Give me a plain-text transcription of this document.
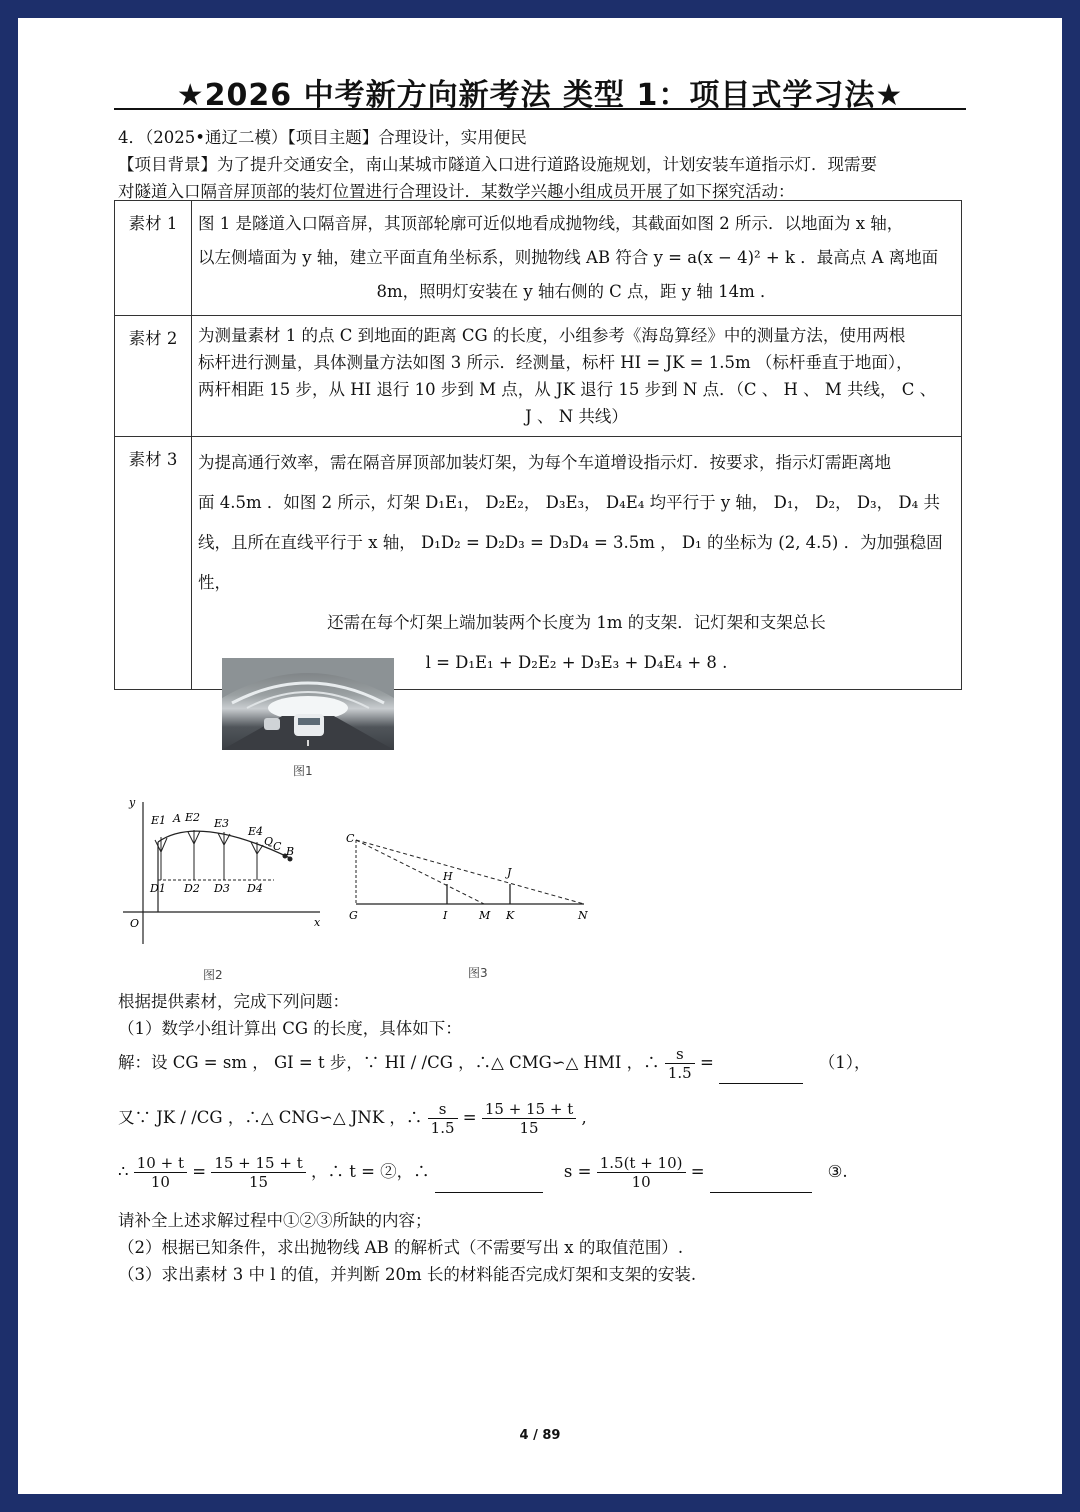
★2026 中考新方向新考法 类型 1：项目式学习法★
4．（2025•通辽二模）【项目主题】合理设计，实用便民
【项目背景】为了提升交通安全，南山某城市隧道入口进行道路设施规划，计划安装车道指示灯．现需要
对隧道入口隔音屏顶部的装灯位置进行合理设计．某数学兴趣小组成员开展了如下探究活动：
素材 1	图 1 是隧道入口隔音屏，其顶部轮廓可近似地看成抛物线，其截面如图 2 所示．以地面为 x 轴，
以左侧墙面为 y 轴，建立平面直角坐标系，则抛物线 AB 符合 y = a(x − 4)² + k ．最高点 A 离地面
8m，照明灯安装在 y 轴右侧的 C 点，距 y 轴 14m ．

素材 2	为测量素材 1 的点 C 到地面的距离 CG 的长度，小组参考《海岛算经》中的测量方法，使用两根
标杆进行测量，具体测量方法如图 3 所示．经测量，标杆 HI = JK = 1.5m （标杆垂直于地面），
两杆相距 15 步，从 HI 退行 10 步到 M 点，从 JK 退行 15 步到 N 点．（C 、 H 、 M 共线， C 、
J 、 N 共线）

素材 3	为提高通行效率，需在隔音屏顶部加装灯架，为每个车道增设指示灯．按要求，指示灯需距离地
面 4.5m ．如图 2 所示，灯架 D₁E₁， D₂E₂， D₃E₃， D₄E₄ 均平行于 y 轴， D₁， D₂， D₃， D₄ 共
线，且所在直线平行于 x 轴， D₁D₂ = D₂D₃ = D₃D₄ = 3.5m ， D₁ 的坐标为 (2, 4.5) ．为加强稳固性，
还需在每个灯架上端加装两个长度为 1m 的支架．记灯架和支架总长
l = D₁E₁ + D₂E₂ + D₃E₃ + D₄E₄ + 8 .
图1
y
x
O
E1 A E2 E3
E4
Q C B
D1 D2 D3 D4
图2
C
H	J
G	I	M K	N
图3
根据提供素材，完成下列问题：
（1）数学小组计算出 CG 的长度，具体如下：
解：设 CG = sm ， GI = t 步，∵ HI / /CG ，∴△ CMG∽△ HMI ，∴ $\frac{s}{1.5}$ =	（1），
又∵ JK / /CG ，∴△ CNG∽△ JNK ，∴ $\frac{s}{1.5} = \frac{15 + 15 + t}{15}$ ,
∴ $\frac{10 + t}{10} = \frac{15 + 15 + t}{15}$ ，∴ t = ②，∴	$s = \frac{1.5(t + 10)}{10}$ =	③.
请补全上述求解过程中①②③所缺的内容；
（2）根据已知条件，求出抛物线 AB 的解析式（不需要写出 x 的取值范围）.
（3）求出素材 3 中 l 的值，并判断 20m 长的材料能否完成灯架和支架的安装.
4 / 89
